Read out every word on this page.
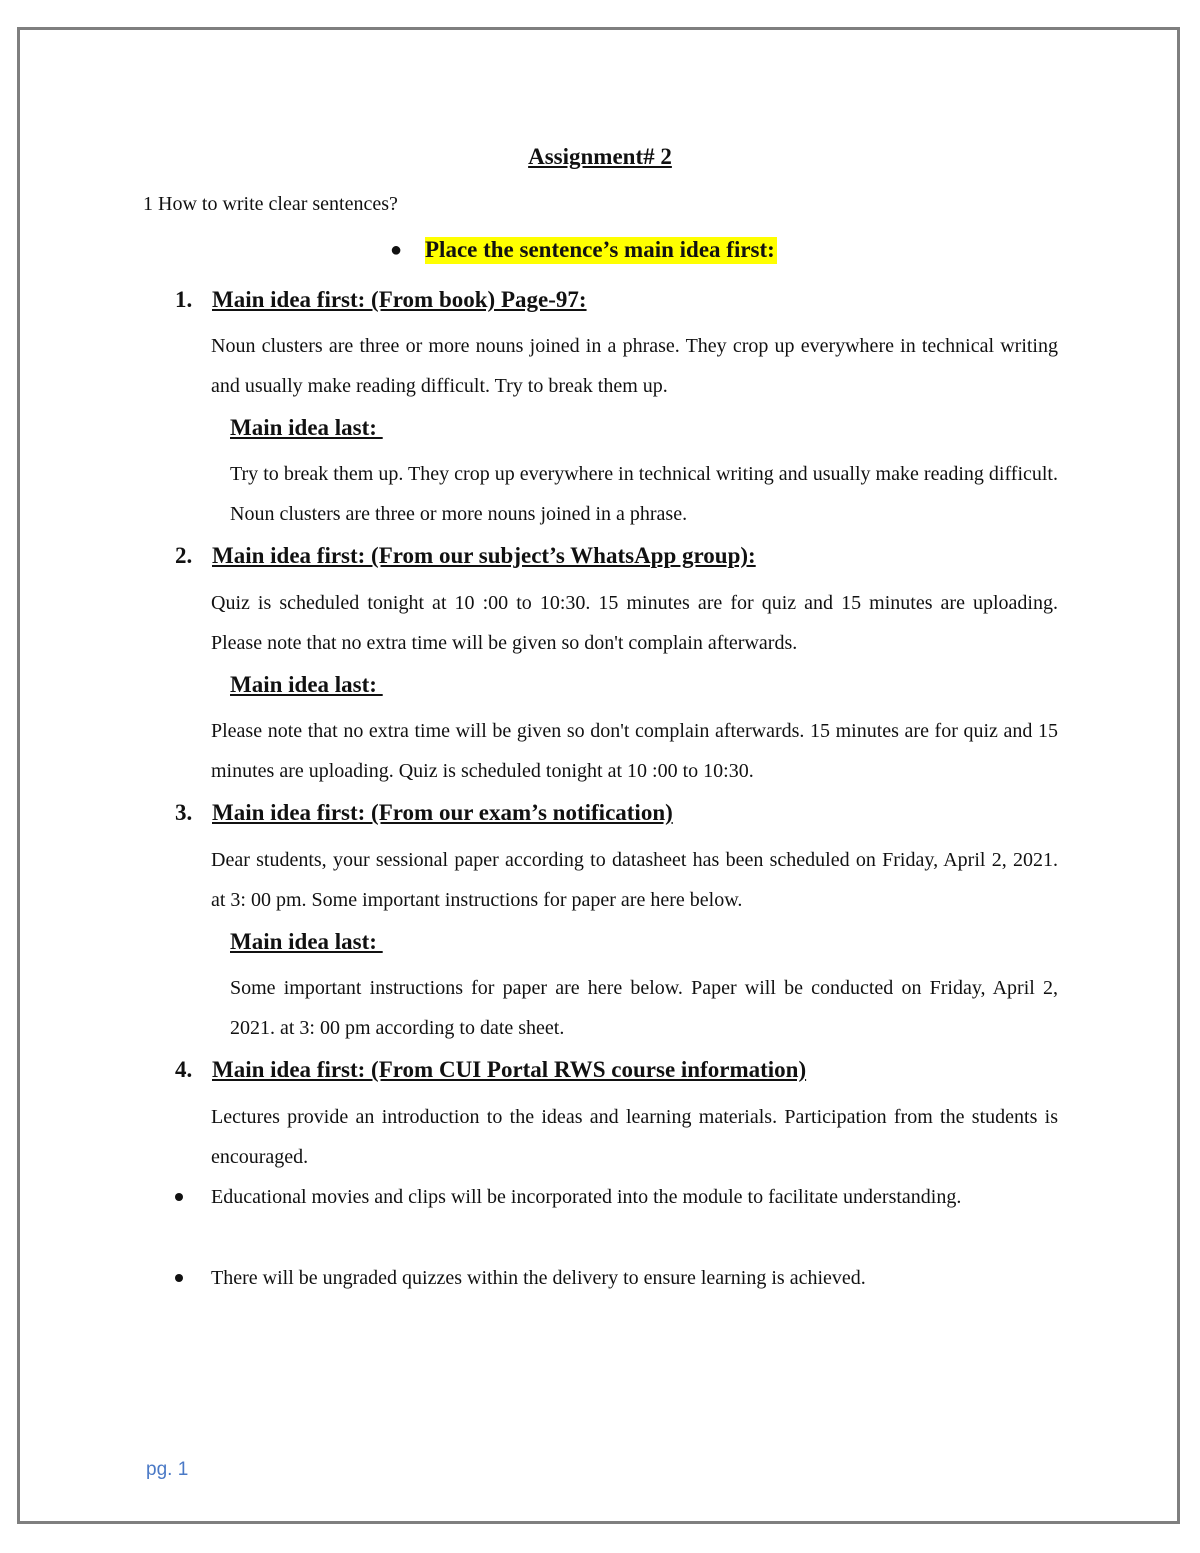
Assignment# 2

1 How to write clear sentences?

● Place the sentence’s main idea first:
1. Main idea first: (From book) Page-97:

Noun clusters are three or more nouns joined in a phrase. They crop up everywhere in technical writing and usually make reading difficult. Try to break them up.

Main idea last:

Try to break them up. They crop up everywhere in technical writing and usually make reading difficult. Noun clusters are three or more nouns joined in a phrase.

2. Main idea first: (From our subject’s WhatsApp group):

Quiz is scheduled tonight at 10 :00 to 10:30. 15 minutes are for quiz and 15 minutes are uploading. Please note that no extra time will be given so don't complain afterwards.

Main idea last:

Please note that no extra time will be given so don't complain afterwards. 15 minutes are for quiz and 15 minutes are uploading. Quiz is scheduled tonight at 10 :00 to 10:30.

3. Main idea first: (From our exam’s notification)

Dear students, your sessional paper according to datasheet has been scheduled on Friday, April 2, 2021. at 3: 00 pm. Some important instructions for paper are here below.

Main idea last:

Some important instructions for paper are here below. Paper will be conducted on Friday, April 2, 2021. at 3: 00 pm according to date sheet.

4. Main idea first: (From CUI Portal RWS course information)

Lectures provide an introduction to the ideas and learning materials. Participation from the students is encouraged.

Educational movies and clips will be incorporated into the module to facilitate understanding.

There will be ungraded quizzes within the delivery to ensure learning is achieved.

pg. 1
